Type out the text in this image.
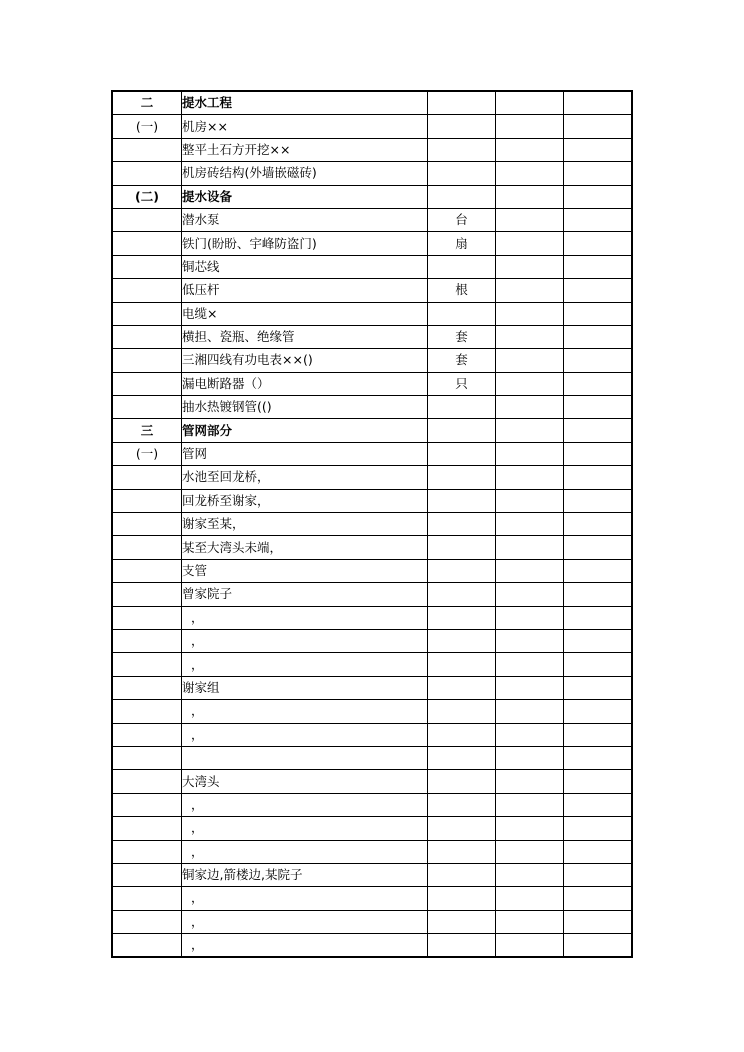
二	提水工程			
(一)	机房××			
	整平土石方开挖××			
	机房砖结构(外墙嵌磁砖)			
(二)	提水设备			
	潜水泵	台		
	铁门(盼盼、宇峰防盗门)	扇		
	铜芯线			
	低压杆	根		
	电缆×			
	横担、瓷瓶、绝缘管	套		
	三湘四线有功电表××()	套		
	漏电断路器（）	只		
	抽水热镀钢管(()			
三	管网部分			
(一)	管网			
	水池至回龙桥，			
	回龙桥至谢家，			
	谢家至某，			
	某至大湾头未端，			
	支管			
	曾家院子			
	，			
	，			
	，			
	谢家组			
	，			
	，			

	大湾头			
	，			
	，			
	，			
	铜家边,箭楼边,某院子			
	，			
	，			
	，			
